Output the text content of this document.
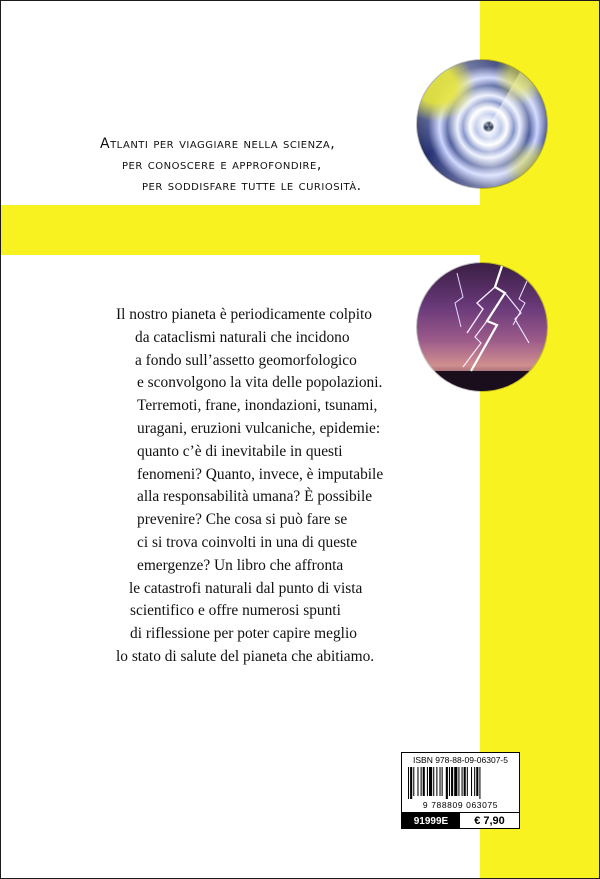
Atlanti per viaggiare nella scienza,
per conoscere e approfondire,
per soddisfare tutte le curiosità.

Il nostro pianeta è periodicamente colpito
da cataclismi naturali che incidono
a fondo sull’assetto geomorfologico
e sconvolgono la vita delle popolazioni.
Terremoti, frane, inondazioni, tsunami,
uragani, eruzioni vulcaniche, epidemie:
quanto c’è di inevitabile in questi
fenomeni? Quanto, invece, è imputabile
alla responsabilità umana? È possibile
prevenire? Che cosa si può fare se
ci si trova coinvolti in una di queste
emergenze? Un libro che affronta
le catastrofi naturali dal punto di vista
scientifico e offre numerosi spunti
di riflessione per poter capire meglio
lo stato di salute del pianeta che abitiamo.

ISBN 978-88-09-06307-5
9 788809 063075
91999E	€ 7,90
